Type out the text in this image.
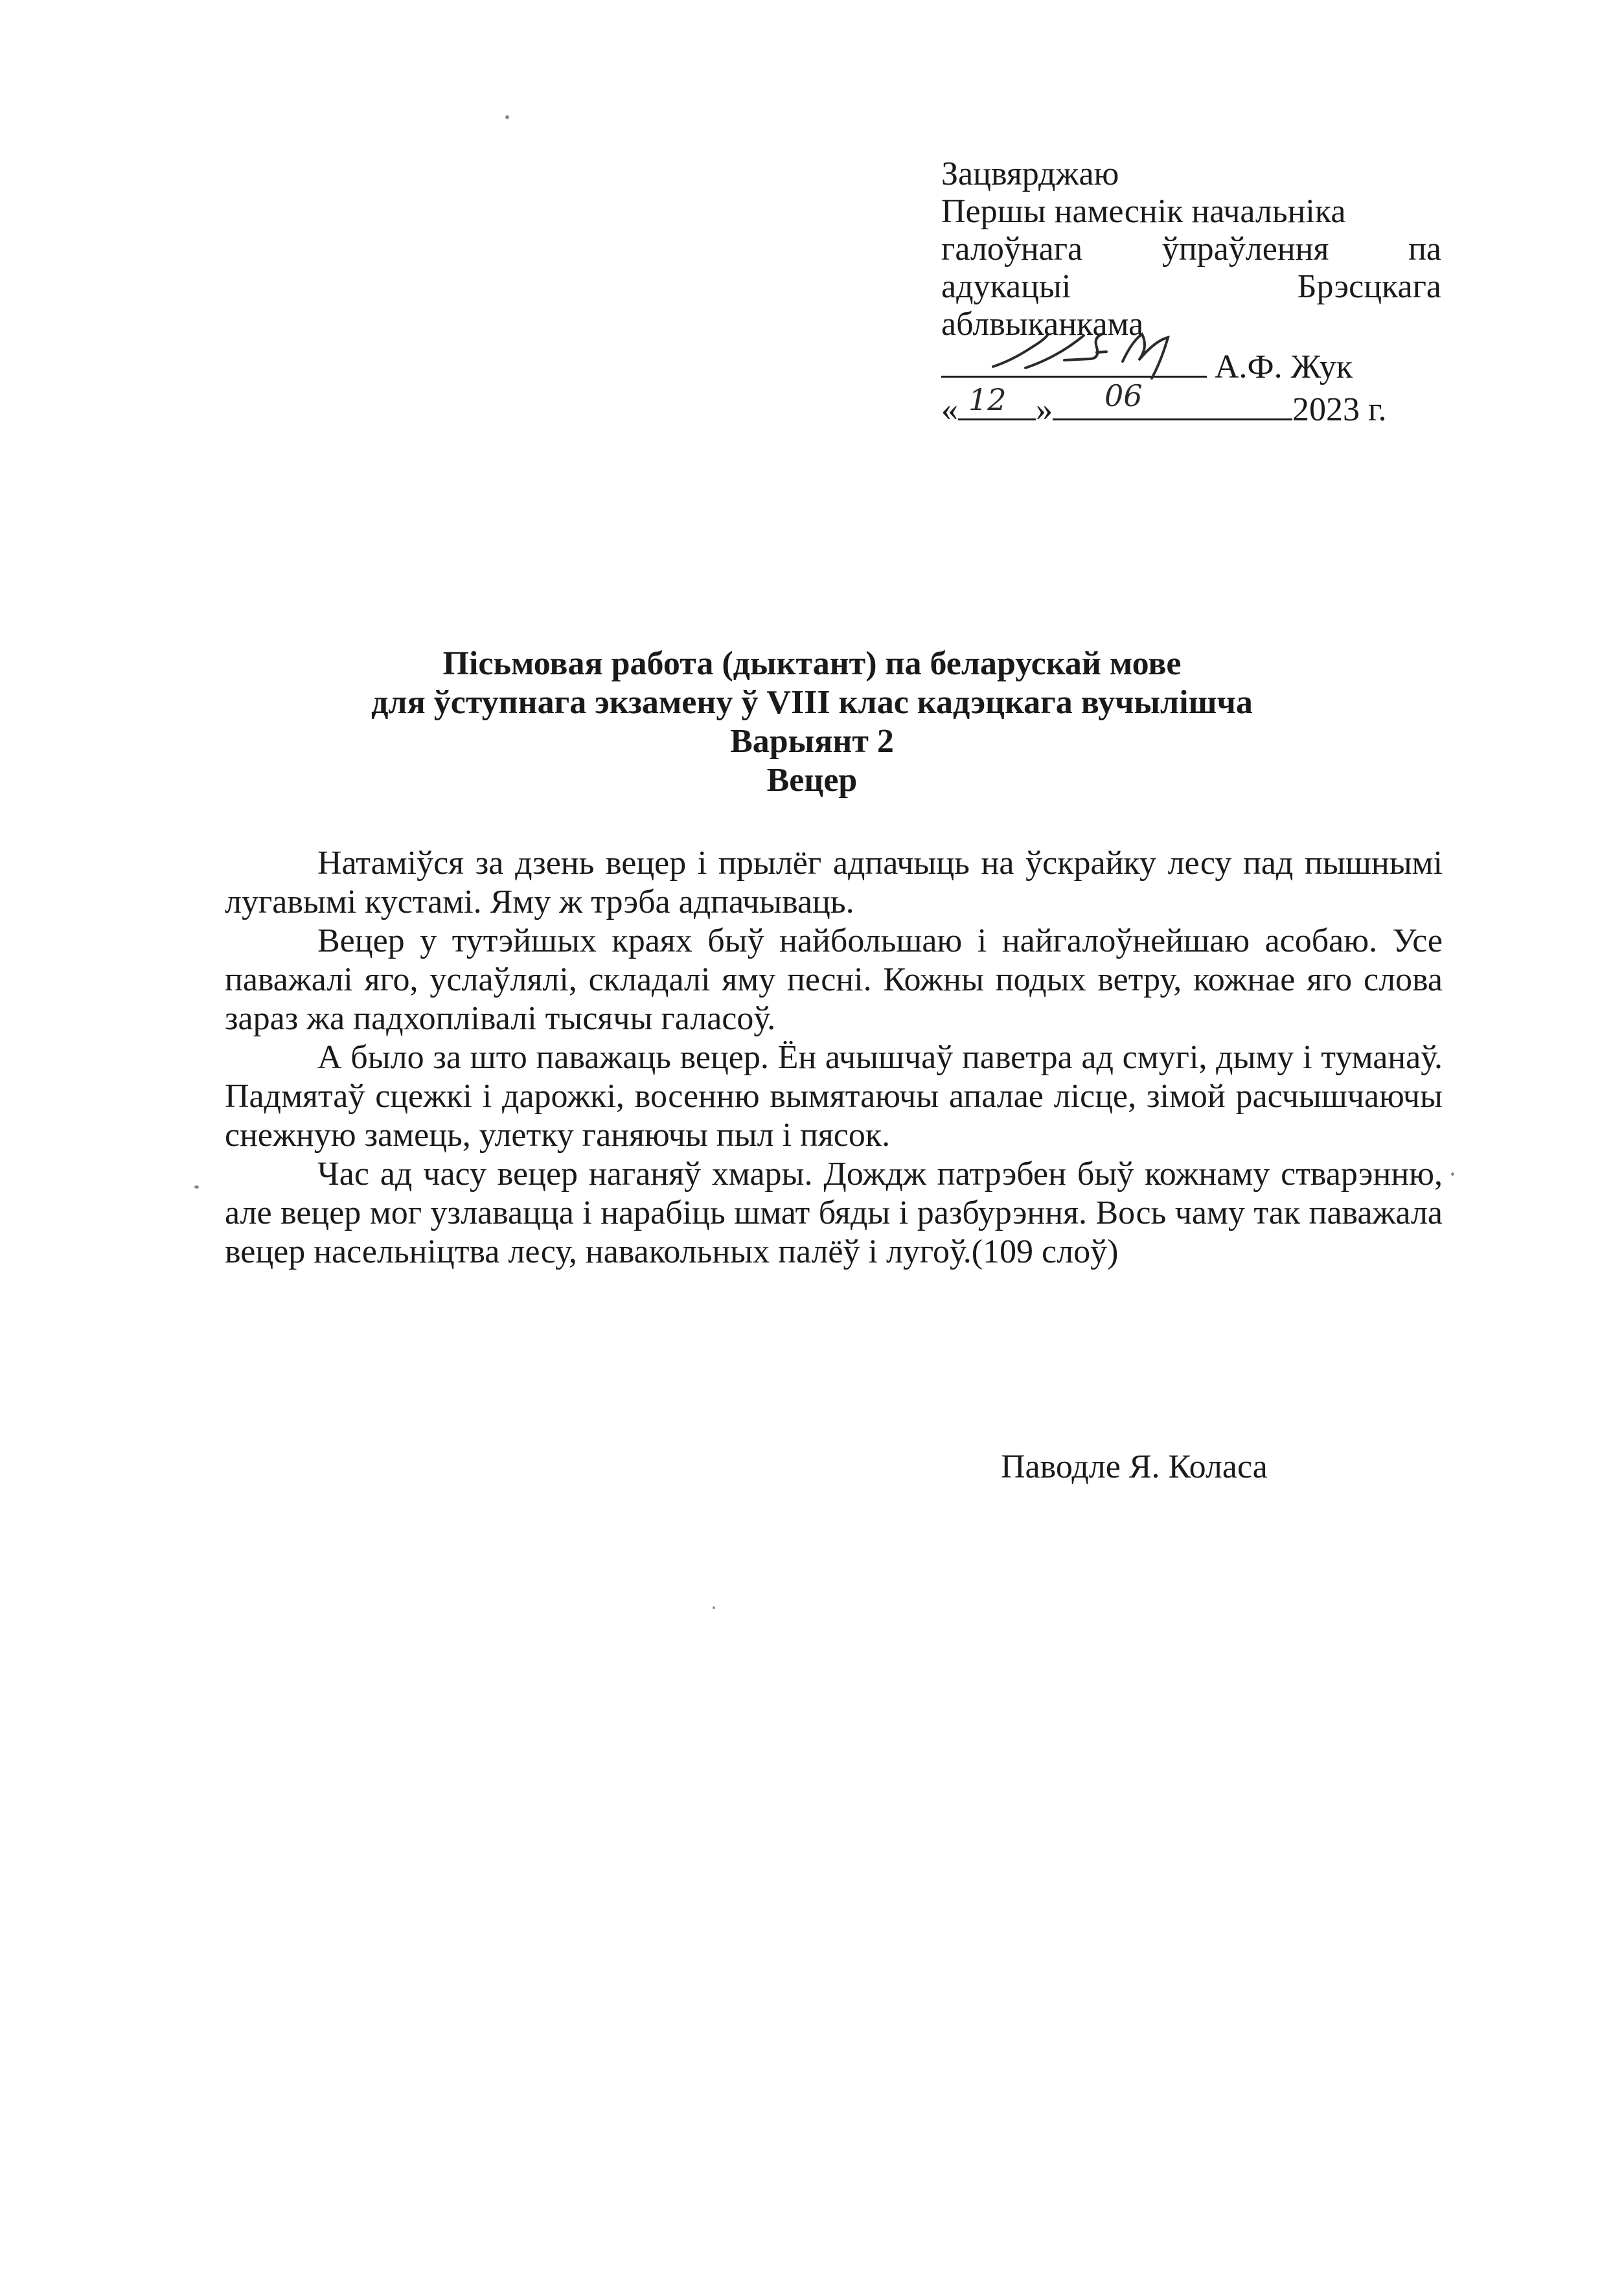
Зацвярджаю
Першы намеснік начальніка
галоўнага ўпраўлення па
адукацыі	Брэсцкага
аблвыканкама
А.Ф. Жук
« 12 » 06	2023 г.
Пісьмовая работа (дыктант) па беларускай мове
для ўступнага экзамену ў VIII клас кадэцкага вучылішча
Варыянт 2
Вецер

Натаміўся за дзень вецер і прылёг адпачыць на ўскрайку лесу пад пышнымі лугавымі кустамі. Яму ж трэба адпачываць.

Вецер у тутэйшых краях быў найбольшаю і найгалоўнейшаю асобаю. Усе паважалі яго, услаўлялі, складалі яму песні. Кожны подых ветру, кожнае яго слова зараз жа падхоплівалі тысячы галасоў.

А было за што паважаць вецер. Ён ачышчаў паветра ад смугі, дыму і туманаў. Падмятаў сцежкі і дарожкі, восенню вымятаючы апалае лісце, зімой расчышчаючы снежную замець, улетку ганяючы пыл і пясок.

Час ад часу вецер наганяў хмары. Дождж патрэбен быў кожнаму стварэнню, але вецер мог узлавацца і нарабіць шмат бяды і разбурэння. Вось чаму так паважала вецер насельніцтва лесу, навакольных палёў і лугоў.(109 слоў)

Паводле Я. Коласа
